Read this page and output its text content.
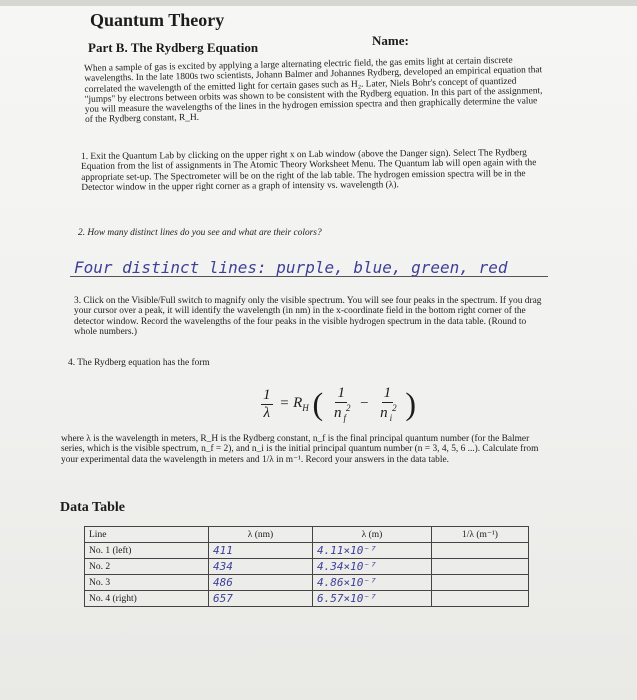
Quantum Theory
Part B. The Rydberg Equation	Name:

When a sample of gas is excited by applying a large alternating electric field, the gas emits light at certain discrete wavelengths. In the late 1800s two scientists, Johann Balmer and Johannes Rydberg, developed an empirical equation that correlated the wavelength of the emitted light for certain gases such as H₂. Later, Niels Bohr's concept of quantized "jumps" by electrons between orbits was shown to be consistent with the Rydberg equation. In this part of the assignment, you will measure the wavelengths of the lines in the hydrogen emission spectra and then graphically determine the value of the Rydberg constant, R_H.

1. Exit the Quantum Lab by clicking on the upper right x on Lab window (above the Danger sign). Select The Rydberg Equation from the list of assignments in The Atomic Theory Worksheet Menu. The Quantum lab will open again with the appropriate set-up. The Spectrometer will be on the right of the lab table. The hydrogen emission spectra will be in the Detector window in the upper right corner as a graph of intensity vs. wavelength (λ).

2. How many distinct lines do you see and what are their colors?

Four distinct lines: purple, blue, green, red

3. Click on the Visible/Full switch to magnify only the visible spectrum. You will see four peaks in the spectrum. If you drag your cursor over a peak, it will identify the wavelength (in nm) in the x-coordinate field in the bottom right corner of the detector window. Record the wavelengths of the four peaks in the visible hydrogen spectrum in the data table. (Round to whole numbers.)

4. The Rydberg equation has the form

$\frac{1}{\lambda} = R_H$ ( $\frac{1}{n _f^2} - \frac{1}{n _i^2}$ )

where λ is the wavelength in meters, R_H is the Rydberg constant, n_f is the final principal quantum number (for the Balmer series, which is the visible spectrum, n_f = 2), and n_i is the initial principal quantum number (n = 3, 4, 5, 6 ...). Calculate from your experimental data the wavelength in meters and 1/λ in m⁻¹. Record your answers in the data table.

Data Table
Line	λ (nm)	λ (m)	1/λ (m⁻¹)
No. 1 (left)	411	4.11×10⁻⁷	
No. 2	434	4.34×10⁻⁷	
No. 3	486	4.86×10⁻⁷	
No. 4 (right)	657	6.57×10⁻⁷	
